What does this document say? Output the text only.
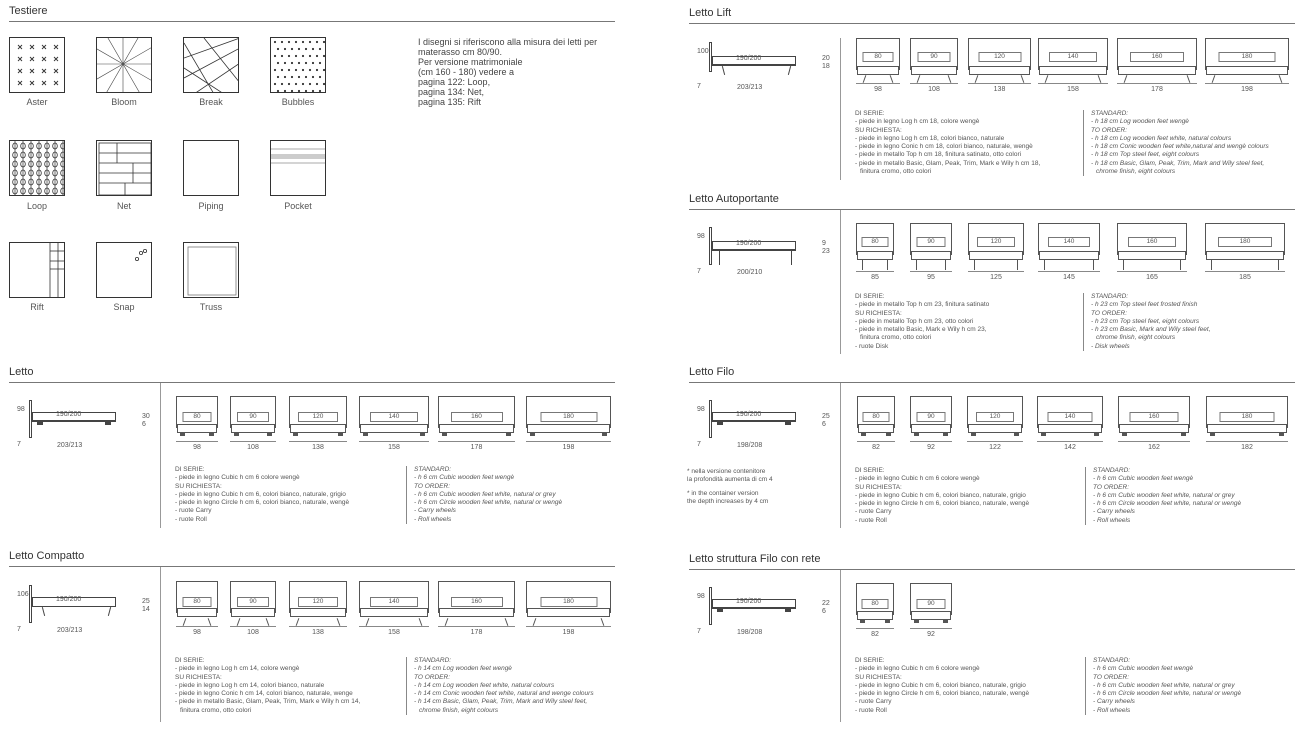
Testiere
Aster	Bloom	Break	Bubbles
Loop	Net	Piping	Pocket
Rift	Snap	Truss
I disegni si riferiscono alla misura dei letti per
materasso cm 80/90.
Per versione matrimoniale
(cm 160 - 180) vedere a
pagina 122: Loop,
pagina 134: Net,
pagina 135: Rift
Letto
190/200
98
30
6
7	203/213
80
98
90
108
120
138
140
158
160
178
180
198
DI SERIE:
- piede in legno Cubic h cm 6 colore wengè
SU RICHIESTA:
- piede in legno Cubic h cm 6, colori bianco, naturale, grigio
- piede in legno Circle h cm 6, colori bianco, naturale, wengè
- ruote Carry
- ruote Roll
STANDARD:
- h 6 cm Cubic wooden feet wengè
TO ORDER:
- h 6 cm Cubic wooden feet white, natural or grey
- h 6 cm Circle wooden feet white, natural or wengè
- Carry wheels
- Roll wheels
Letto Compatto
190/200
106
25
14
7	203/213
80
98
90
108
120
138
140
158
160
178
180
198
DI SERIE:
- piede in legno Log h cm 14, colore wengè
SU RICHIESTA:
- piede in legno Log h cm 14, colori bianco, naturale
- piede in legno Conic h cm 14, colori bianco, naturale, wenge
- piede in metallo Basic, Glam, Peak, Trim, Mark e Wily h cm 14,
finitura cromo, otto colori
STANDARD:
- h 14 cm Log wooden feet wengè
TO ORDER:
- h 14 cm Log wooden feet white, natural colours
- h 14 cm Conic wooden feet white, natural and wenge colours
- h 14 cm Basic, Glam, Peak, Trim, Mark and Wily steel feet,
chrome finish, eight colours
Letto Lift
190/200
100
20
18
7	203/213
80
98
90
108
120
138
140
158
160
178
180
198
DI SERIE:
- piede in legno Log h cm 18, colore wengè
SU RICHIESTA:
- piede in legno Log h cm 18, colori bianco, naturale
- piede in legno Conic h cm 18, colori bianco, naturale, wengè
- piede in metallo Top h cm 18, finitura satinato, otto colori
- piede in metallo Basic, Glam, Peak, Trim, Mark e Wily h cm 18,
finitura cromo, otto colori
STANDARD:
- h 18 cm Log wooden feet wengè
TO ORDER:
- h 18 cm Log wooden feet white, natural colours
- h 18 cm Conic wooden feet white,natural and wengè colours
- h 18 cm Top steel feet, eight colours
- h 18 cm Basic, Glam, Peak, Trim, Mark and Wily steel feet,
chrome finish, eight colours
Letto Autoportante
190/200
98
9
23
7	200/210
80
85
90
95
120
125
140
145
160
165
180
185
DI SERIE:
- piede in metallo Top h cm 23, finitura satinato
SU RICHIESTA:
- piede in metallo Top h cm 23, otto colori
- piede in metallo Basic, Mark e Wily h cm 23,
finitura cromo, otto colori
- ruote Disk
STANDARD:
- h 23 cm Top steel feet frosted finish
TO ORDER:
- h 23 cm Top steel feet, eight colours
- h 23 cm Basic, Mark and Wily steel feet,
chrome finish, eight colours
- Disk wheels
Letto Filo
190/200
98
25
6
7	198/208
* nella versione contenitore
la profondità aumenta di cm 4
* in the container version
the depth increases by 4 cm
80
82
90
92
120
122
140
142
160
162
180
182
DI SERIE:
- piede in legno Cubic h cm 6 colore wengè
SU RICHIESTA:
- piede in legno Cubic h cm 6, colori bianco, naturale, grigio
- piede in legno Circle h cm 6, colori bianco, naturale, wengè
- ruote Carry
- ruote Roll
STANDARD:
- h 6 cm Cubic wooden feet wengè
TO ORDER:
- h 6 cm Cubic wooden feet white, natural or grey
- h 6 cm Circle wooden feet white, natural or wengè
- Carry wheels
- Roll wheels
Letto struttura Filo con rete
190/200
98
22
6
7	198/208
80
82
90
92
DI SERIE:
- piede in legno Cubic h cm 6 colore wengè
SU RICHIESTA:
- piede in legno Cubic h cm 6, colori bianco, naturale, grigio
- piede in legno Circle h cm 6, colori bianco, naturale, wengè
- ruote Carry
- ruote Roll
STANDARD:
- h 6 cm Cubic wooden feet wengè
TO ORDER:
- h 6 cm Cubic wooden feet white, natural or grey
- h 6 cm Circle wooden feet white, natural or wengè
- Carry wheels
- Roll wheels
